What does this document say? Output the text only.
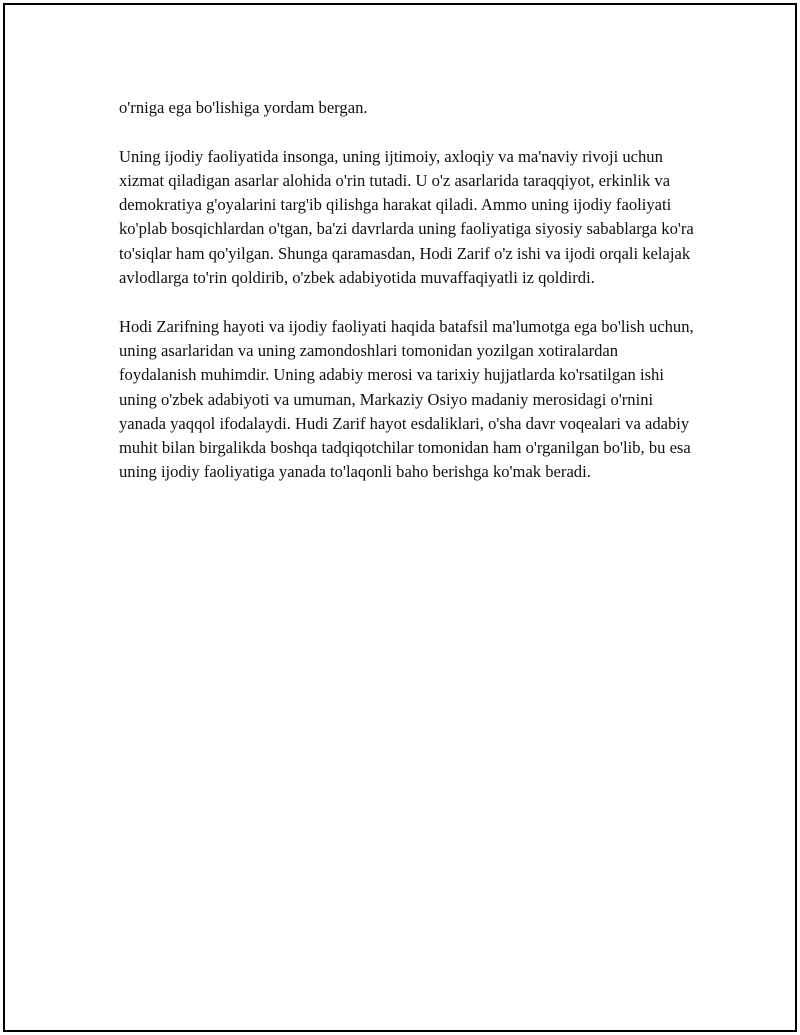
o'rniga ega bo'lishiga yordam bergan.

Uning ijodiy faoliyatida insonga, uning ijtimoiy, axloqiy va ma'naviy rivoji uchun xizmat qiladigan asarlar alohida o'rin tutadi. U o'z asarlarida taraqqiyot, erkinlik va demokratiya g'oyalarini targ'ib qilishga harakat qiladi. Ammo uning ijodiy faoliyati ko'plab bosqichlardan o'tgan, ba'zi davrlarda uning faoliyatiga siyosiy sabablarga ko'ra to'siqlar ham qo'yilgan. Shunga qaramasdan, Hodi Zarif o'z ishi va ijodi orqali kelajak avlodlarga to'rin qoldirib, o'zbek adabiyotida muvaffaqiyatli iz qoldirdi.

Hodi Zarifning hayoti va ijodiy faoliyati haqida batafsil ma'lumotga ega bo'lish uchun, uning asarlaridan va uning zamondoshlari tomonidan yozilgan xotiralardan foydalanish muhimdir. Uning adabiy merosi va tarixiy hujjatlarda ko'rsatilgan ishi uning o'zbek adabiyoti va umuman, Markaziy Osiyo madaniy merosidagi o'rnini yanada yaqqol ifodalaydi. Hudi Zarif hayot esdaliklari, o'sha davr voqealari va adabiy muhit bilan birgalikda boshqa tadqiqotchilar tomonidan ham o'rganilgan bo'lib, bu esa uning ijodiy faoliyatiga yanada to'laqonli baho berishga ko'mak beradi.
